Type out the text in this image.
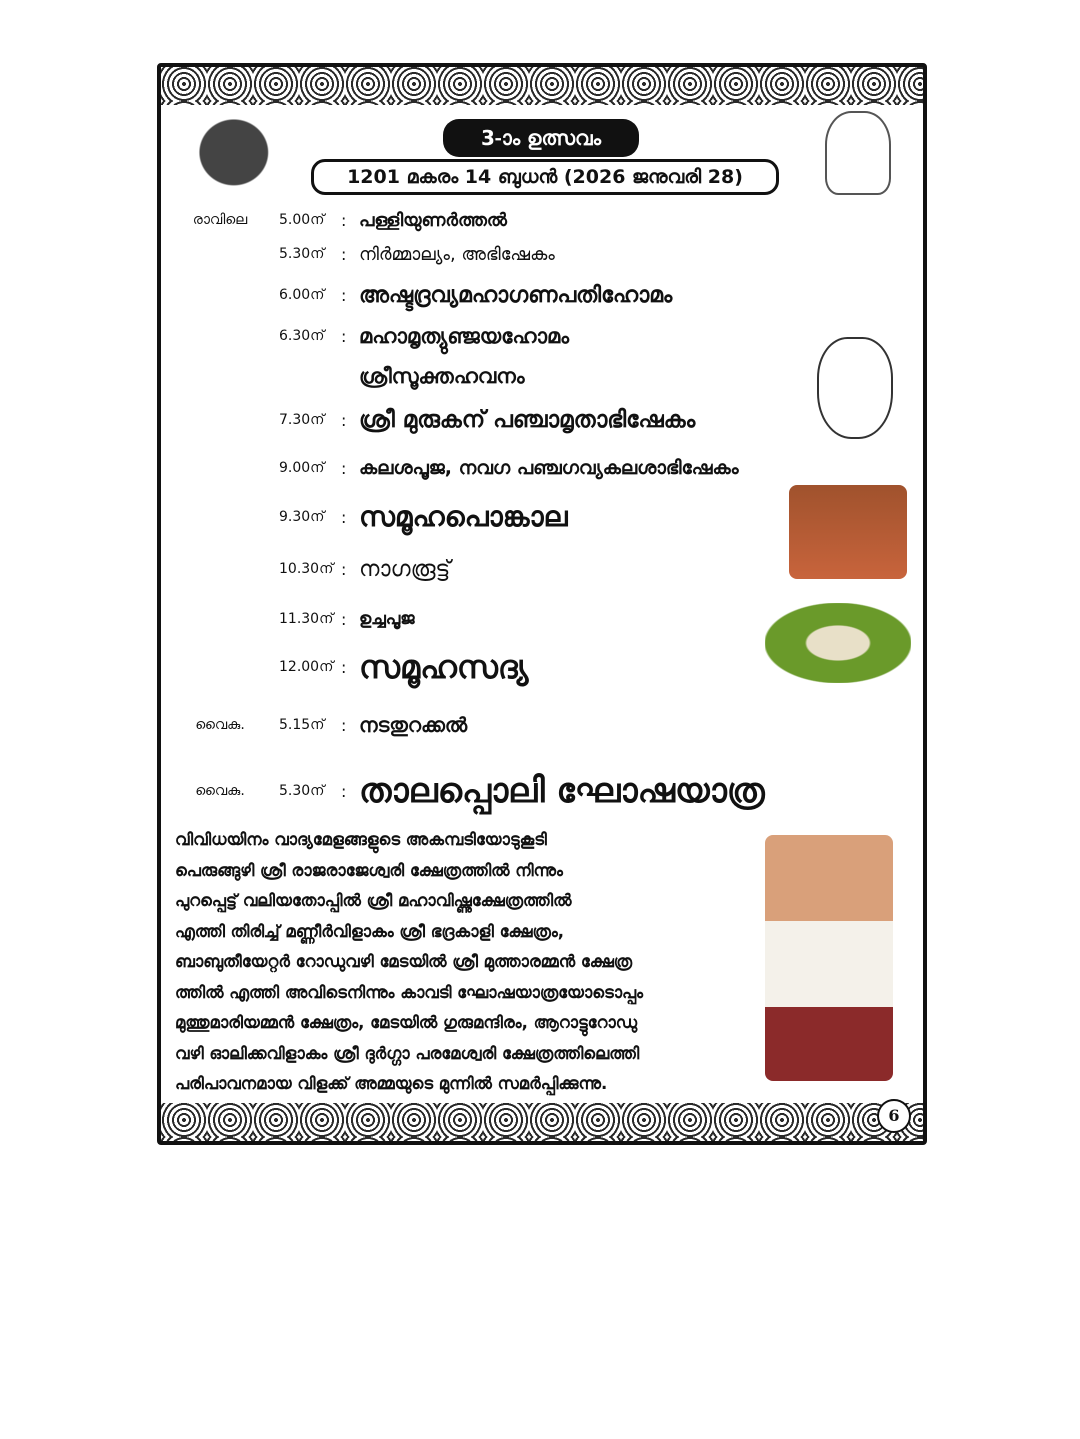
3-ാം ഉത്സവം
1201 മകരം 14 ബുധൻ (2026 ജനുവരി 28)
രാവിലെ	5.00ന്	: പള്ളിയുണർത്തൽ
5.30ന്	: നിർമ്മാല്യം, അഭിഷേകം
6.00ന്	: അഷ്ടദ്രവ്യമഹാഗണപതിഹോമം
6.30ന്	: മഹാമൃത്യുഞ്ജയഹോമം
ശ്രീസൂക്തഹവനം
7.30ന്	: ശ്രീ മുരുകന് പഞ്ചാമൃതാഭിഷേകം
9.00ന്	: കലശപൂജ, നവഗ പഞ്ചഗവ്യകലശാഭിഷേകം
9.30ന്	: സമൂഹപൊങ്കാല
10.30ന് : നാഗരൂട്ട്
11.30ന് : ഉച്ചപൂജ
12.00ന് : സമൂഹസദ്യ
വൈകു.	5.15ന്	: നടതുറക്കൽ
വൈകു.	5.30ന്	: താലപ്പൊലി ഘോഷയാത്ര
വിവിധയിനം വാദ്യമേളങ്ങളുടെ അകമ്പടിയോടുകൂടി
പെരുങ്ങുഴി ശ്രീ രാജരാജേശ്വരി ക്ഷേത്രത്തിൽ നിന്നും
പുറപ്പെട്ട് വലിയതോപ്പിൽ ശ്രീ മഹാവിഷ്ണുക്ഷേത്രത്തിൽ
എത്തി തിരിച്ച് മണ്ണീർവിളാകം ശ്രീ ഭദ്രകാളി ക്ഷേത്രം,
ബാബുതീയേറ്റർ റോഡുവഴി മേടയിൽ ശ്രീ മുത്താരമ്മൻ ക്ഷേത്ര
ത്തിൽ എത്തി അവിടെനിന്നും കാവടി ഘോഷയാത്രയോടൊപ്പം
മുത്തുമാരിയമ്മൻ ക്ഷേത്രം, മേടയിൽ ഗുരുമന്ദിരം, ആറാട്ടുറോഡു
വഴി ഓലിക്കവിളാകം ശ്രീ ദുർഗ്ഗാ പരമേശ്വരി ക്ഷേത്രത്തിലെത്തി
പരിപാവനമായ വിളക്ക് അമ്മയുടെ മുന്നിൽ സമർപ്പിക്കുന്നു.
6
